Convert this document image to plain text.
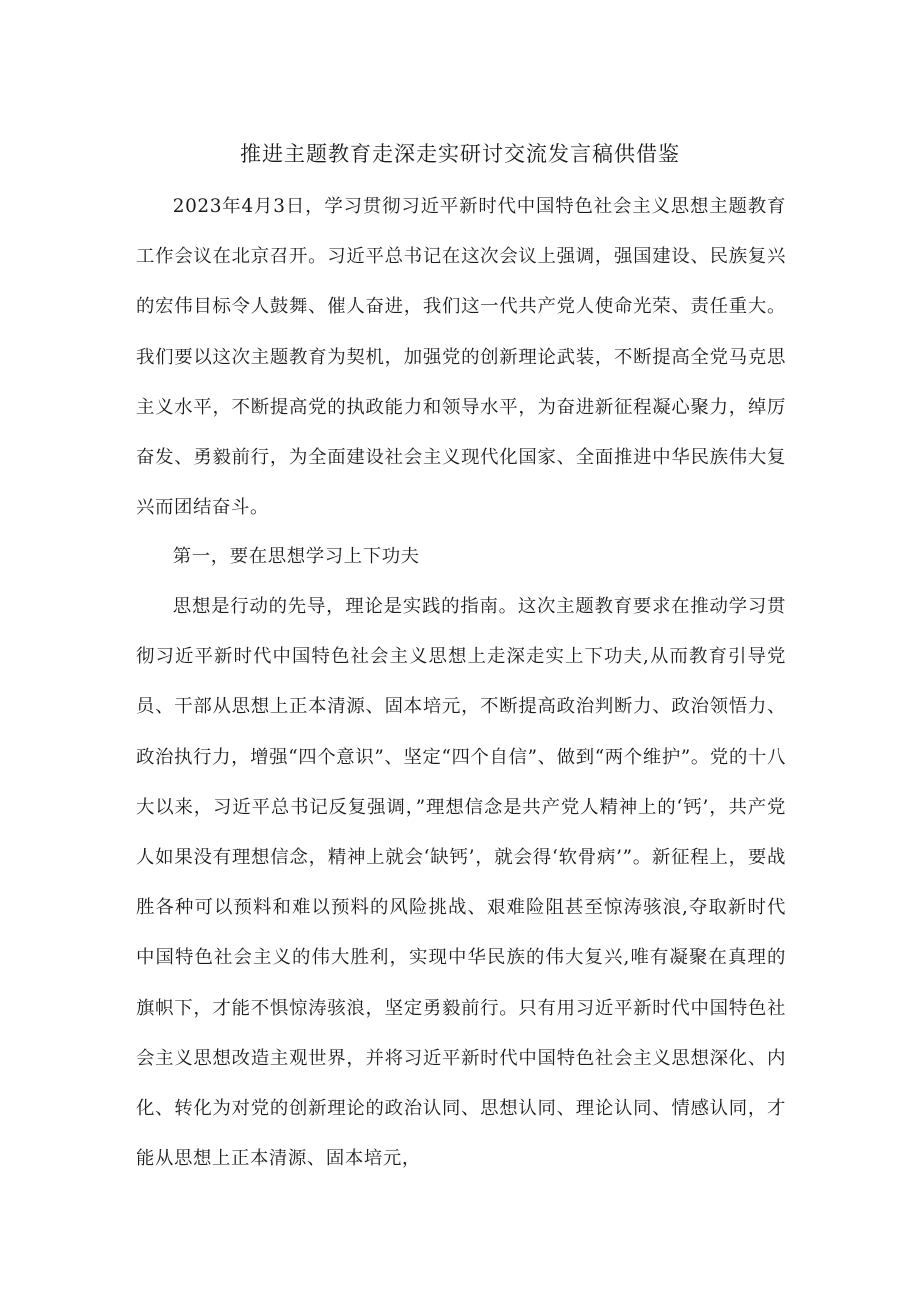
推进主题教育走深走实研讨交流发言稿供借鉴

2023年4月3日，学习贯彻习近平新时代中国特色社会主义思想主题教育工作会议在北京召开。习近平总书记在这次会议上强调，强国建设、民族复兴的宏伟目标令人鼓舞、催人奋进，我们这一代共产党人使命光荣、责任重大。我们要以这次主题教育为契机，加强党的创新理论武装，不断提高全党马克思主义水平，不断提高党的执政能力和领导水平，为奋进新征程凝心聚力，绰厉奋发、勇毅前行，为全面建设社会主义现代化国家、全面推进中华民族伟大复兴而团结奋斗。

第一，要在思想学习上下功夫

思想是行动的先导，理论是实践的指南。这次主题教育要求在推动学习贯彻习近平新时代中国特色社会主义思想上走深走实上下功夫,从而教育引导党员、干部从思想上正本清源、固本培元，不断提高政治判断力、政治领悟力、政治执行力，增强“四个意识”、坚定“四个自信”、做到“两个维护”。党的十八大以来，习近平总书记反复强调，”理想信念是共产党人精神上的‘钙’，共产党人如果没有理想信念，精神上就会‘缺钙’，就会得‘软骨病’”。新征程上，要战胜各种可以预料和难以预料的风险挑战、艰难险阻甚至惊涛骇浪,夺取新时代中国特色社会主义的伟大胜利，实现中华民族的伟大复兴,唯有凝聚在真理的旗帜下，才能不惧惊涛骇浪，坚定勇毅前行。只有用习近平新时代中国特色社会主义思想改造主观世界，并将习近平新时代中国特色社会主义思想深化、内化、转化为对党的创新理论的政治认同、思想认同、理论认同、情感认同，才能从思想上正本清源、固本培元，
